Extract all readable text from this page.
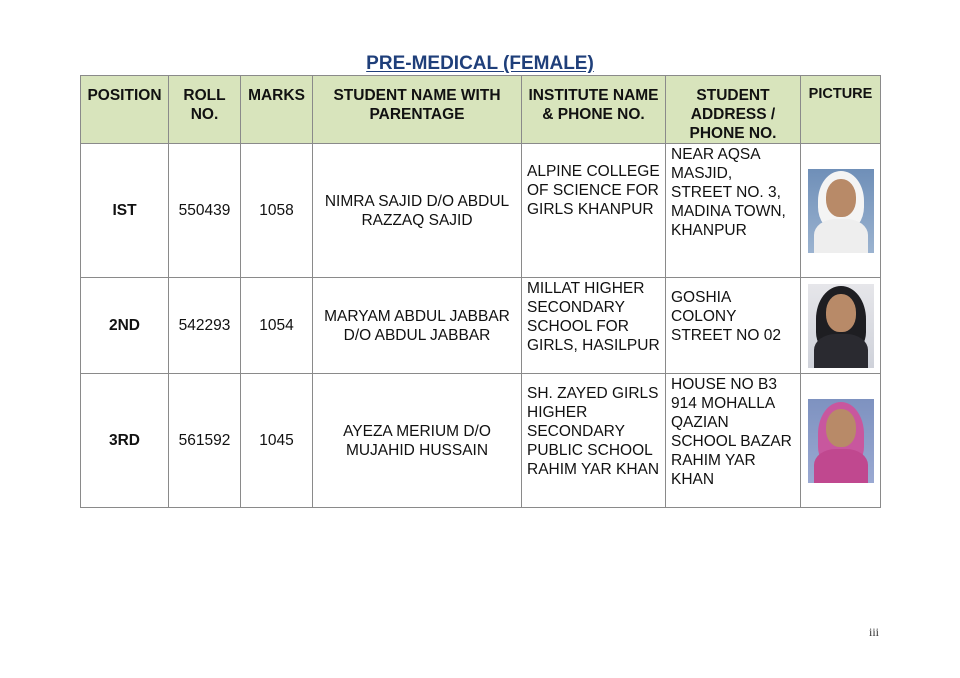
PRE-MEDICAL (FEMALE)
POSITION	ROLL NO.	MARKS	STUDENT NAME WITH PARENTAGE	INSTITUTE NAME & PHONE NO.	STUDENT ADDRESS / PHONE NO.	PICTURE
IST	550439	1058	NIMRA SAJID D/O ABDUL RAZZAQ SAJID	ALPINE COLLEGE OF SCIENCE FOR GIRLS KHANPUR	NEAR AQSA MASJID, STREET NO. 3, MADINA TOWN, KHANPUR	

2ND	542293	1054	MARYAM ABDUL JABBAR D/O ABDUL JABBAR	MILLAT HIGHER SECONDARY SCHOOL FOR GIRLS, HASILPUR	GOSHIA COLONY STREET NO 02	

3RD	561592	1045	AYEZA MERIUM D/O MUJAHID HUSSAIN	SH. ZAYED GIRLS HIGHER SECONDARY PUBLIC SCHOOL RAHIM YAR KHAN	HOUSE NO B3 914 MOHALLA QAZIAN SCHOOL BAZAR RAHIM YAR KHAN	
iii
